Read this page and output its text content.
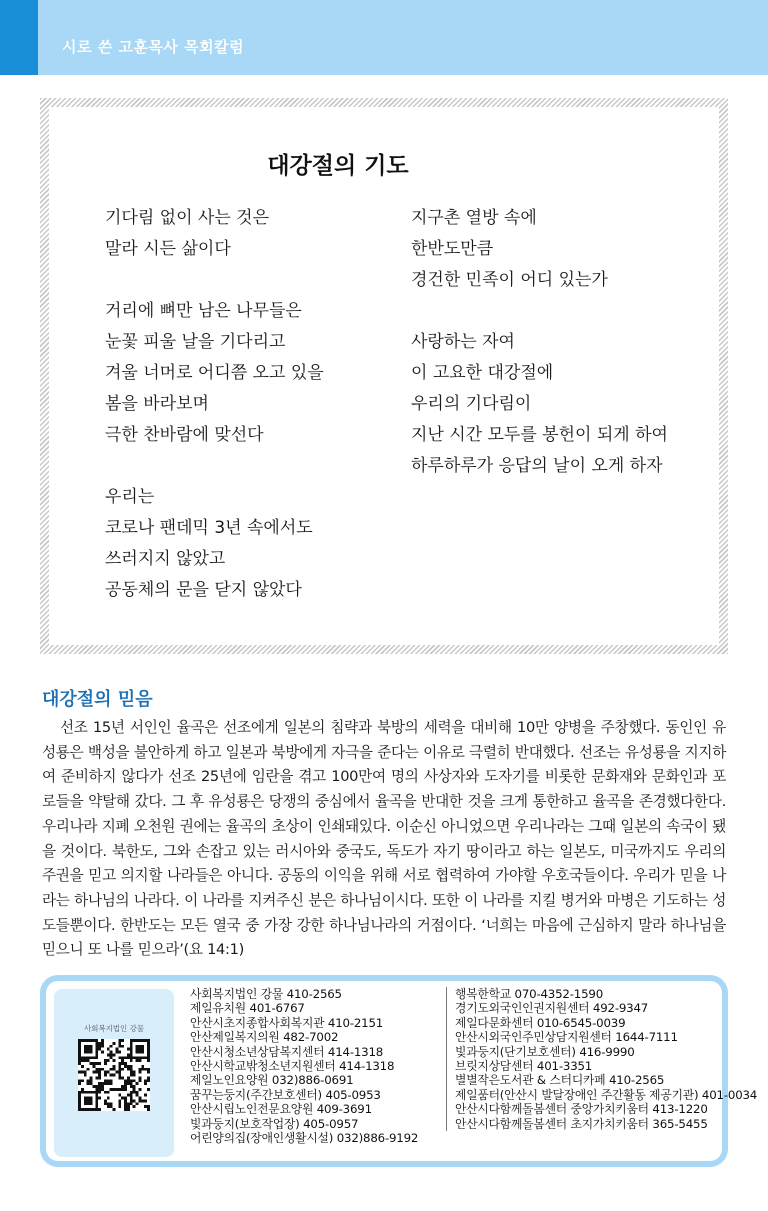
시로 쓴 고훈목사 목회칼럼
대강절의 기도
기다림 없이 사는 것은
말라 시든 삶이다
거리에 뼈만 남은 나무들은
눈꽃 피울 날을 기다리고
겨울 너머로 어디쯤 오고 있을
봄을 바라보며
극한 찬바람에 맞선다
우리는
코로나 팬데믹 3년 속에서도
쓰러지지 않았고
공동체의 문을 닫지 않았다
지구촌 열방 속에
한반도만큼
경건한 민족이 어디 있는가
사랑하는 자여
이 고요한 대강절에
우리의 기다림이
지난 시간 모두를 봉헌이 되게 하여
하루하루가 응답의 날이 오게 하자
대강절의 믿음
선조 15년 서인인 율곡은 선조에게 일본의 침략과 북방의 세력을 대비해 10만 양병을 주창했다. 동인인 유성룡은 백성을 불안하게 하고 일본과 북방에게 자극을 준다는 이유로 극렬히 반대했다. 선조는 유성룡을 지지하여 준비하지 않다가 선조 25년에 임란을 겪고 100만여 명의 사상자와 도자기를 비롯한 문화재와 문화인과 포로들을 약탈해 갔다. 그 후 유성룡은 당쟁의 중심에서 율곡을 반대한 것을 크게 통한하고 율곡을 존경했다한다. 우리나라 지폐 오천원 권에는 율곡의 초상이 인쇄돼있다. 이순신 아니었으면 우리나라는 그때 일본의 속국이 됐을 것이다. 북한도, 그와 손잡고 있는 러시아와 중국도, 독도가 자기 땅이라고 하는 일본도, 미국까지도 우리의 주권을 믿고 의지할 나라들은 아니다. 공동의 이익을 위해 서로 협력하여 가야할 우호국들이다. 우리가 믿을 나라는 하나님의 나라다. 이 나라를 지켜주신 분은 하나님이시다. 또한 이 나라를 지킬 병거와 마병은 기도하는 성도들뿐이다. 한반도는 모든 열국 중 가장 강한 하나님나라의 거점이다. ‘너희는 마음에 근심하지 말라 하나님을 믿으니 또 나를 믿으라’(요 14:1)
사회복지법인 강물
사회복지법인 강물 410-2565
제일유치원 401-6767
안산시초지종합사회복지관 410-2151
안산제일복지의원 482-7002
안산시청소년상담복지센터 414-1318
안산시학교밖청소년지원센터 414-1318
제일노인요양원 032)886-0691
꿈꾸는둥지(주간보호센터) 405-0953
안산시립노인전문요양원 409-3691
빛과둥지(보호작업장) 405-0957
어린양의집(장애인생활시설) 032)886-9192
행복한학교 070-4352-1590
경기도외국인인권지원센터 492-9347
제일다문화센터 010-6545-0039
안산시외국인주민상담지원센터 1644-7111
빛과둥지(단기보호센터) 416-9990
브릿지상담센터 401-3351
별별작은도서관 & 스터디카페 410-2565
제일품터(안산시 발달장애인 주간활동 제공기관) 401-0034
안산시다함께돌봄센터 중앙가치키움터 413-1220
안산시다함께돌봄센터 초지가치키움터 365-5455
